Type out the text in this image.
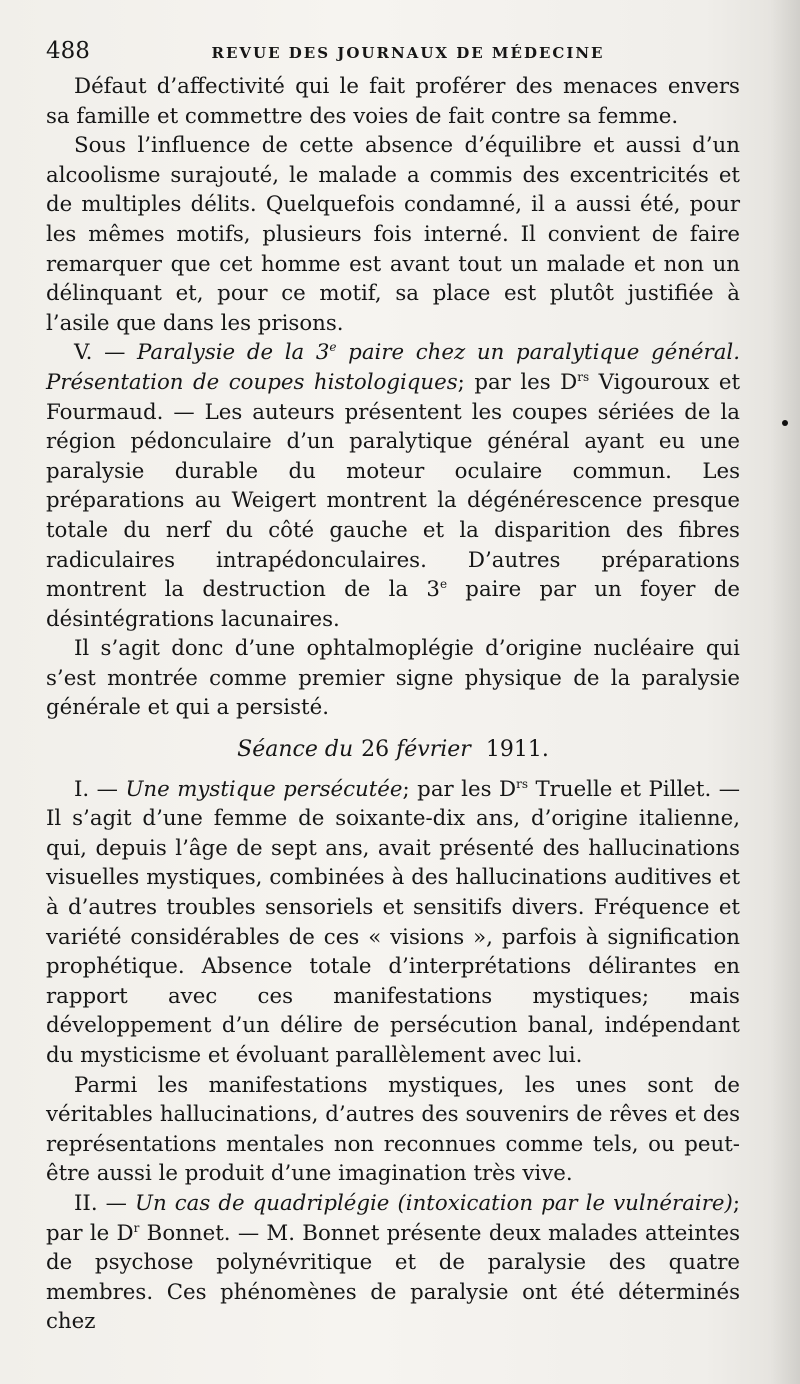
488	REVUE DES JOURNAUX DE MÉDECINE

Défaut d’affectivité qui le fait proférer des menaces envers sa famille et commettre des voies de fait contre sa femme.

Sous l’influence de cette absence d’équilibre et aussi d’un alcoolisme surajouté, le malade a commis des excentricités et de multiples délits. Quelquefois condamné, il a aussi été, pour les mêmes motifs, plusieurs fois interné. Il convient de faire remarquer que cet homme est avant tout un malade et non un délinquant et, pour ce motif, sa place est plutôt justifiée à l’asile que dans les prisons.

V. — Paralysie de la 3e paire chez un paralytique général. Présentation de coupes histologiques; par les $D^{rs}$ Vigouroux et Fourmaud. — Les auteurs présentent les coupes sériées de la région pédonculaire d’un paralytique général ayant eu une paralysie durable du moteur oculaire commun. Les préparations au Weigert montrent la dégénérescence presque totale du nerf du côté gauche et la disparition des fibres radiculaires intrapédonculaires. D’autres préparations montrent la destruction de la 3e paire par un foyer de désintégrations lacunaires.

Il s’agit donc d’une ophtalmoplégie d’origine nucléaire qui s’est montrée comme premier signe physique de la paralysie générale et qui a persisté.

Séance du 26 février 1911.

I. — Une mystique persécutée; par les $D^{rs}$ Truelle et Pillet. — Il s’agit d’une femme de soixante-dix ans, d’origine italienne, qui, depuis l’âge de sept ans, avait présenté des hallucinations visuelles mystiques, combinées à des hallucinations auditives et à d’autres troubles sensoriels et sensitifs divers. Fréquence et variété considérables de ces « visions », parfois à signification prophétique. Absence totale d’interprétations délirantes en rapport avec ces manifestations mystiques; mais développement d’un délire de persécution banal, indépendant du mysticisme et évoluant parallèlement avec lui.

Parmi les manifestations mystiques, les unes sont de véritables hallucinations, d’autres des souvenirs de rêves et des représentations mentales non reconnues comme tels, ou peut-être aussi le produit d’une imagination très vive.

II. — Un cas de quadriplégie (intoxication par le vulnéraire); par le $D^r$ Bonnet. — M. Bonnet présente deux malades atteintes de psychose polynévritique et de paralysie des quatre membres. Ces phénomènes de paralysie ont été déterminés chez
